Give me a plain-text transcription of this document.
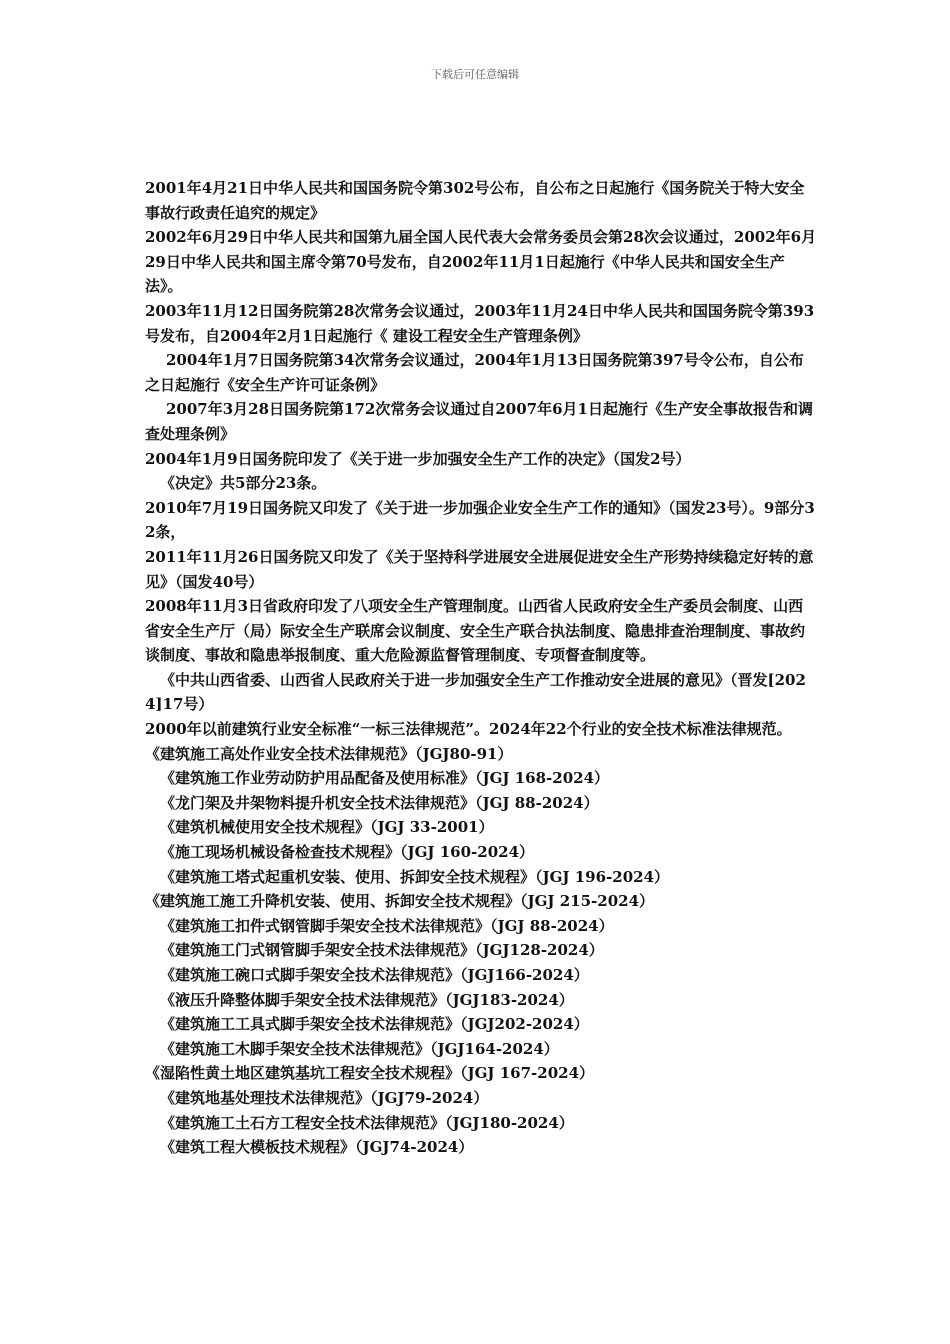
下载后可任意编辑

2001年4月21日中华人民共和国国务院令第302号公布，自公布之日起施行《国务院关于特大安全事故行政责任追究的规定》

2002年6月29日中华人民共和国第九届全国人民代表大会常务委员会第28次会议通过，2002年6月29日中华人民共和国主席令第70号发布，自2002年11月1日起施行《中华人民共和国安全生产法》。

2003年11月12日国务院第28次常务会议通过，2003年11月24日中华人民共和国国务院令第393号发布，自2004年2月1日起施行《 建设工程安全生产管理条例》

2004年1月7日国务院第34次常务会议通过，2004年1月13日国务院第397号令公布，自公布之日起施行《安全生产许可证条例》

2007年3月28日国务院第172次常务会议通过自2007年6月1日起施行《生产安全事故报告和调查处理条例》

2004年1月9日国务院印发了《关于进一步加强安全生产工作的决定》（国发2号）

《决定》共5部分23条。

2010年7月19日国务院又印发了《关于进一步加强企业安全生产工作的通知》（国发23号）。9部分32条，

2011年11月26日国务院又印发了《关于坚持科学进展安全进展促进安全生产形势持续稳定好转的意见》（国发40号）

2008年11月3日省政府印发了八项安全生产管理制度。山西省人民政府安全生产委员会制度、山西省安全生产厅（局）际安全生产联席会议制度、安全生产联合执法制度、隐患排查治理制度、事故约谈制度、事故和隐患举报制度、重大危险源监督管理制度、专项督查制度等。

《中共山西省委、山西省人民政府关于进一步加强安全生产工作推动安全进展的意见》（晋发[2024]17号）

2000年以前建筑行业安全标准“一标三法律规范”。2024年22个行业的安全技术标准法律规范。

《建筑施工高处作业安全技术法律规范》（JGJ80-91）

《建筑施工作业劳动防护用品配备及使用标准》（JGJ 168-2024）

《龙门架及井架物料提升机安全技术法律规范》（JGJ 88-2024）

《建筑机械使用安全技术规程》（JGJ 33-2001）

《施工现场机械设备检查技术规程》（JGJ 160-2024）

《建筑施工塔式起重机安装、使用、拆卸安全技术规程》（JGJ 196-2024）

《建筑施工施工升降机安装、使用、拆卸安全技术规程》（JGJ 215-2024）

《建筑施工扣件式钢管脚手架安全技术法律规范》（JGJ 88-2024）

《建筑施工门式钢管脚手架安全技术法律规范》（JGJ128-2024）

《建筑施工碗口式脚手架安全技术法律规范》（JGJ166-2024）

《液压升降整体脚手架安全技术法律规范》（JGJ183-2024）

《建筑施工工具式脚手架安全技术法律规范》（JGJ202-2024）

《建筑施工木脚手架安全技术法律规范》（JGJ164-2024）

《湿陷性黄土地区建筑基坑工程安全技术规程》（JGJ 167-2024）

《建筑地基处理技术法律规范》（JGJ79-2024）

《建筑施工土石方工程安全技术法律规范》（JGJ180-2024）

《建筑工程大模板技术规程》（JGJ74-2024）
